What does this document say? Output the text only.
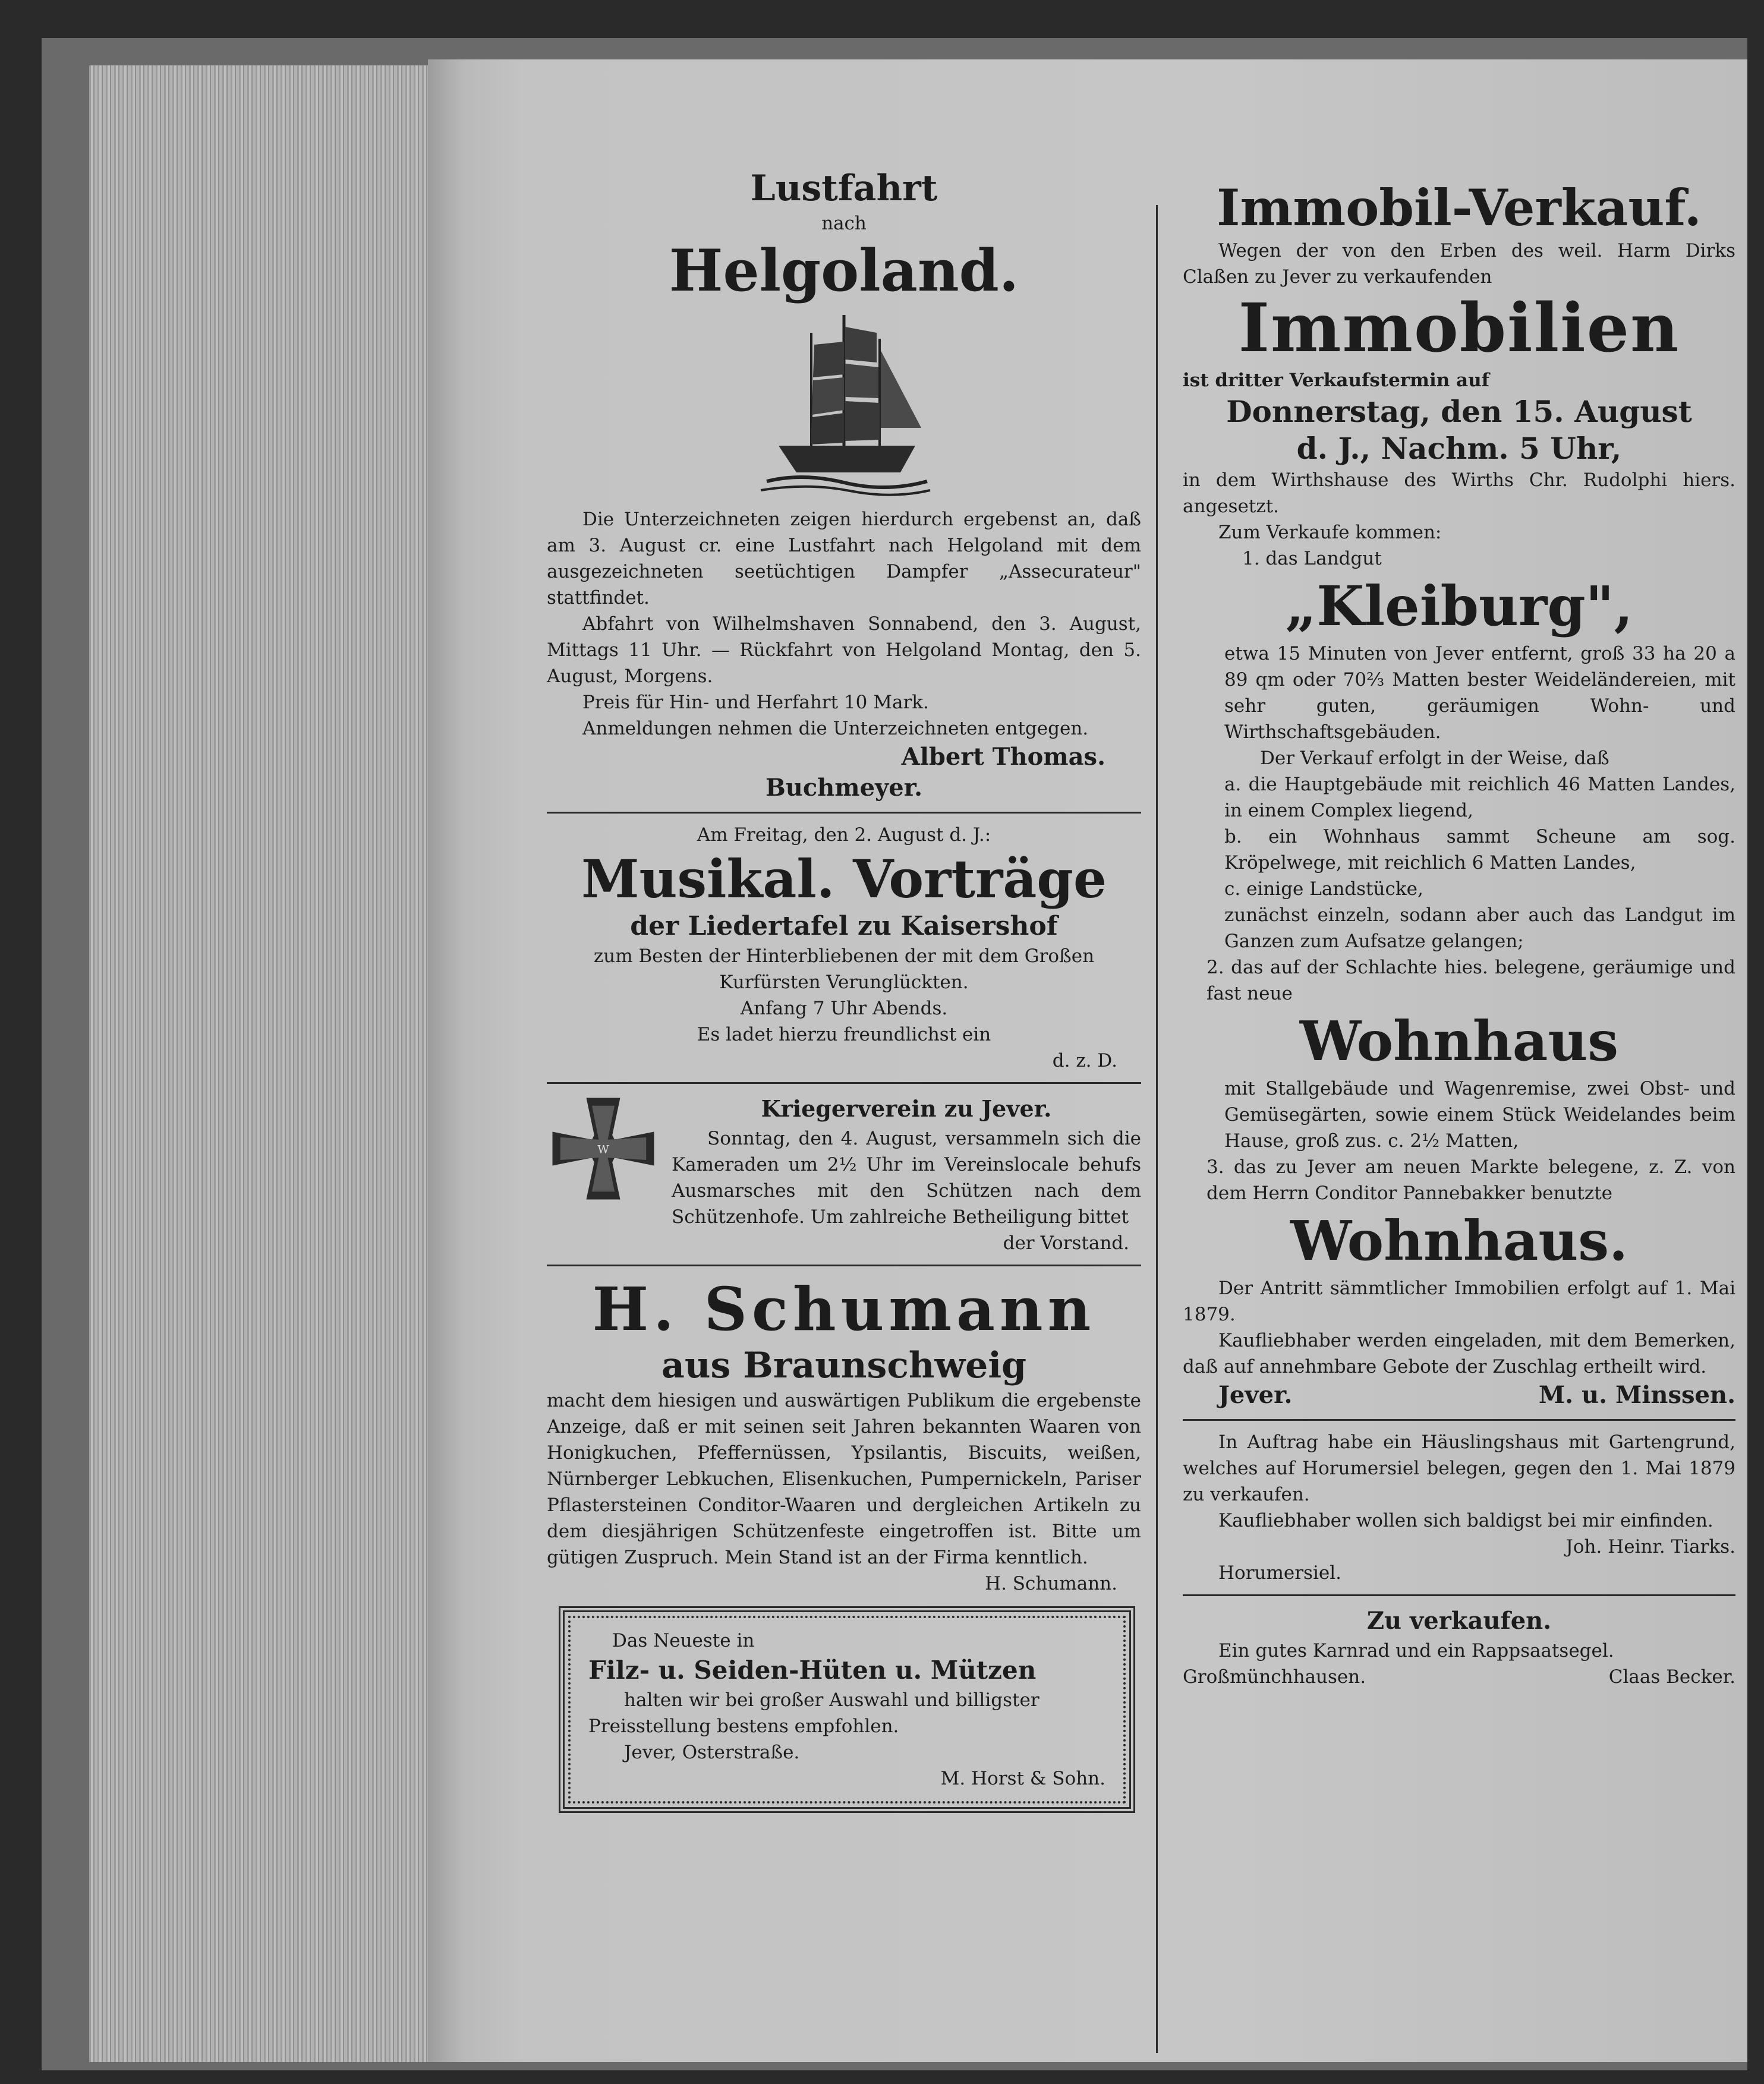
Lustfahrt
nach
Helgoland.

Die Unterzeichneten zeigen hierdurch ergebenst an, daß am 3. August cr. eine Lustfahrt nach Helgoland mit dem ausgezeichneten seetüchtigen Dampfer „Assecurateur" stattfindet.

Abfahrt von Wilhelmshaven Sonnabend, den 3. August, Mittags 11 Uhr. — Rückfahrt von Helgoland Montag, den 5. August, Morgens.

Preis für Hin- und Herfahrt 10 Mark.

Anmeldungen nehmen die Unterzeichneten entgegen.

Albert Thomas.
Buchmeyer.
Am Freitag, den 2. August d. J.:
Musikal. Vorträge
der Liedertafel zu Kaisershof

zum Besten der Hinterbliebenen der mit dem Großen Kurfürsten Verunglückten.

Anfang 7 Uhr Abends.

Es ladet hierzu freundlichst ein

d. z. D.
W
Kriegerverein zu Jever.

Sonntag, den 4. August, versammeln sich die Kameraden um 2½ Uhr im Vereinslocale behufs Ausmarsches mit den Schützen nach dem Schützenhofe. Um zahlreiche Betheiligung bittet

der Vorstand.
H. Schumann
aus Braunschweig

macht dem hiesigen und auswärtigen Publikum die ergebenste Anzeige, daß er mit seinen seit Jahren bekannten Waaren von Honigkuchen, Pfeffernüssen, Ypsilantis, Biscuits, weißen, Nürnberger Lebkuchen, Elisenkuchen, Pumpernickeln, Pariser Pflastersteinen Conditor-Waaren und dergleichen Artikeln zu dem diesjährigen Schützenfeste eingetroffen ist. Bitte um gütigen Zuspruch. Mein Stand ist an der Firma kenntlich.

H. Schumann.
Das Neueste in
Filz- u. Seiden-Hüten u. Mützen

halten wir bei großer Auswahl und billigster Preisstellung bestens empfohlen.

Jever, Osterstraße.
M. Horst & Sohn.
Immobil-Verkauf.

Wegen der von den Erben des weil. Harm Dirks Claßen zu Jever zu verkaufenden

Immobilien

ist dritter Verkaufstermin auf

Donnerstag, den 15. August
d. J., Nachm. 5 Uhr,

in dem Wirthshause des Wirths Chr. Rudolphi hiers. angesetzt.

Zum Verkaufe kommen:

1. das Landgut

„Kleiburg",

etwa 15 Minuten von Jever entfernt, groß 33 ha 20 a 89 qm oder 70⅔ Matten bester Weideländereien, mit sehr guten, geräumigen Wohn- und Wirthschaftsgebäuden.

Der Verkauf erfolgt in der Weise, daß

a. die Hauptgebäude mit reichlich 46 Matten Landes, in einem Complex liegend,

b. ein Wohnhaus sammt Scheune am sog. Kröpelwege, mit reichlich 6 Matten Landes,

c. einige Landstücke,

zunächst einzeln, sodann aber auch das Landgut im Ganzen zum Aufsatze gelangen;

2. das auf der Schlachte hies. belegene, geräumige und fast neue

Wohnhaus

mit Stallgebäude und Wagenremise, zwei Obst- und Gemüsegärten, sowie einem Stück Weidelandes beim Hause, groß zus. c. 2½ Matten,

3. das zu Jever am neuen Markte belegene, z. Z. von dem Herrn Conditor Pannebakker benutzte

Wohnhaus.

Der Antritt sämmtlicher Immobilien erfolgt auf 1. Mai 1879.

Kaufliebhaber werden eingeladen, mit dem Bemerken, daß auf annehmbare Gebote der Zuschlag ertheilt wird.

Jever.	M. u. Minssen.

In Auftrag habe ein Häuslingshaus mit Gartengrund, welches auf Horumersiel belegen, gegen den 1. Mai 1879 zu verkaufen.

Kaufliebhaber wollen sich baldigst bei mir einfinden.

Joh. Heinr. Tiarks.
Horumersiel.
Zu verkaufen.

Ein gutes Karnrad und ein Rappsaatsegel.

Großmünchhausen.	Claas Becker.
